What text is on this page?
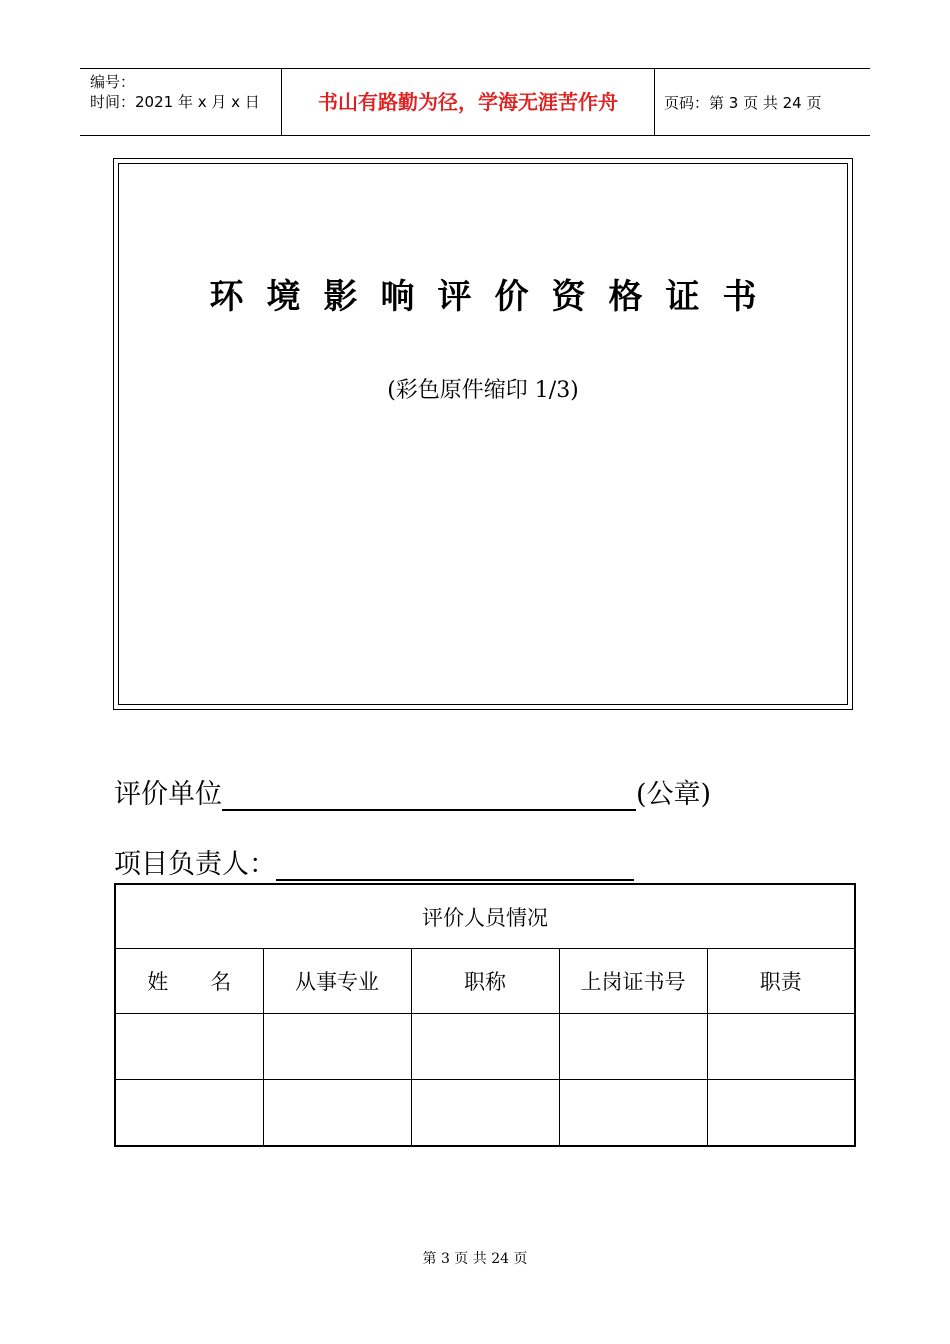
编号：
时间：2021 年 x 月 x 日	书山有路勤为径，学海无涯苦作舟	页码：第 3 页 共 24 页
环境影响评价资格证书
(彩色原件缩印 1/3)
评价单位	(公章)
项目负责人：
评价人员情况				
姓　　名	从事专业	职称	上岗证书号	职责

第 3 页 共 24 页
